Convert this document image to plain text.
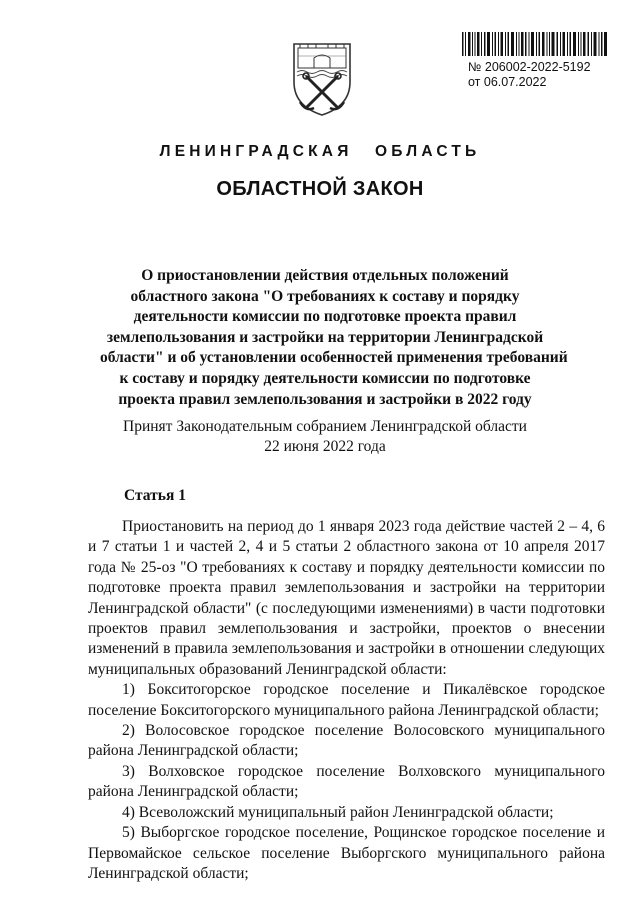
№ 206002-2022-5192
от 06.07.2022
ЛЕНИНГРАДСКАЯ ОБЛАСТЬ
ОБЛАСТНОЙ ЗАКОН
О приостановлении действия отдельных положений
областного закона "О требованиях к составу и порядку
деятельности комиссии по подготовке проекта правил
землепользования и застройки на территории Ленинградской
области" и об установлении особенностей применения требований
к составу и порядку деятельности комиссии по подготовке
проекта правил землепользования и застройки в 2022 году
Принят Законодательным собранием Ленинградской области
22 июня 2022 года
Статья 1

Приостановить на период до 1 января 2023 года действие частей 2 – 4, 6 и 7 статьи 1 и частей 2, 4 и 5 статьи 2 областного закона от 10 апреля 2017 года № 25-оз "О требованиях к составу и порядку деятельности комиссии по подготовке проекта правил землепользования и застройки на территории Ленинградской области" (с последующими изменениями) в части подготовки проектов правил землепользования и застройки, проектов о внесении изменений в правила землепользования и застройки в отношении следующих муниципальных образований Ленинградской области:

1) Бокситогорское городское поселение и Пикалёвское городское поселение Бокситогорского муниципального района Ленинградской области;

2) Волосовское городское поселение Волосовского муниципального района Ленинградской области;

3) Волховское городское поселение Волховского муниципального района Ленинградской области;

4) Всеволожский муниципальный район Ленинградской области;

5) Выборгское городское поселение, Рощинское городское поселение и Первомайское сельское поселение Выборгского муниципального района Ленинградской области;
